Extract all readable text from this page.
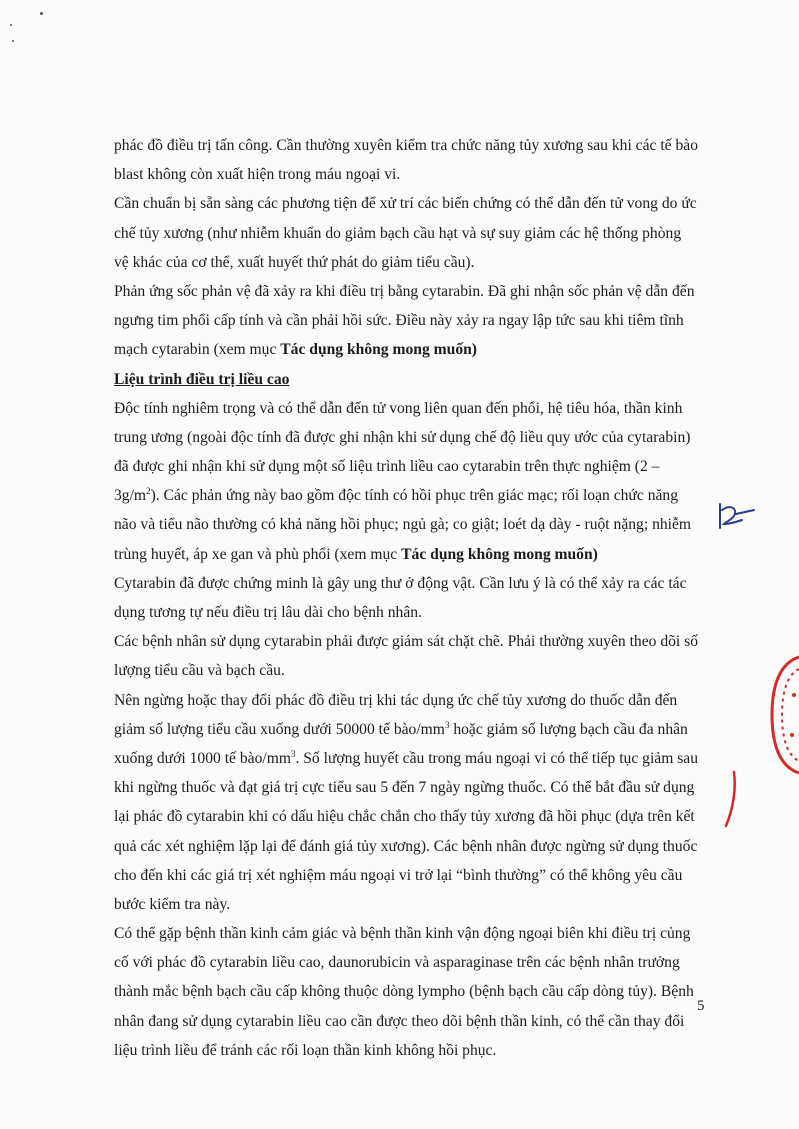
phác đồ điều trị tấn công. Cần thường xuyên kiểm tra chức năng tủy xương sau khi các tế bào
blast không còn xuất hiện trong máu ngoại vi.
Cần chuẩn bị sẵn sàng các phương tiện để xử trí các biến chứng có thể dẫn đến tử vong do ức
chế tủy xương (như nhiễm khuẩn do giảm bạch cầu hạt và sự suy giảm các hệ thống phòng
vệ khác của cơ thể, xuất huyết thứ phát do giảm tiểu cầu).
Phản ứng sốc phản vệ đã xảy ra khi điều trị bằng cytarabin. Đã ghi nhận sốc phản vệ dẫn đến
ngưng tim phổi cấp tính và cần phải hồi sức. Điều này xảy ra ngay lập tức sau khi tiêm tĩnh
mạch cytarabin (xem mục Tác dụng không mong muốn)
Liệu trình điều trị liều cao
Độc tính nghiêm trọng và có thể dẫn đến tử vong liên quan đến phổi, hệ tiêu hóa, thần kinh
trung ương (ngoài độc tính đã được ghi nhận khi sử dụng chế độ liều quy ước của cytarabin)
đã được ghi nhận khi sử dụng một số liệu trình liều cao cytarabin trên thực nghiệm (2 –
$3g/m^2$). Các phản ứng này bao gồm độc tính có hồi phục trên giác mạc; rối loạn chức năng
não và tiểu não thường có khả năng hồi phục; ngủ gà; co giật; loét dạ dày - ruột nặng; nhiễm
trùng huyết, áp xe gan và phù phổi (xem mục Tác dụng không mong muốn)
Cytarabin đã được chứng minh là gây ung thư ở động vật. Cần lưu ý là có thể xảy ra các tác
dụng tương tự nếu điều trị lâu dài cho bệnh nhân.
Các bệnh nhân sử dụng cytarabin phải được giám sát chặt chẽ. Phải thường xuyên theo dõi số
lượng tiểu cầu và bạch cầu.
Nên ngừng hoặc thay đổi phác đồ điều trị khi tác dụng ức chế tủy xương do thuốc dẫn đến
giảm số lượng tiểu cầu xuống dưới 50000 tế bào/$mm^3$ hoặc giảm số lượng bạch cầu đa nhân
xuống dưới 1000 tế bào/$mm^3$. Số lượng huyết cầu trong máu ngoại vi có thể tiếp tục giảm sau
khi ngừng thuốc và đạt giá trị cực tiểu sau 5 đến 7 ngày ngừng thuốc. Có thể bắt đầu sử dụng
lại phác đồ cytarabin khi có dấu hiệu chắc chắn cho thấy tủy xương đã hồi phục (dựa trên kết
quả các xét nghiệm lặp lại để đánh giá tủy xương). Các bệnh nhân được ngừng sử dụng thuốc
cho đến khi các giá trị xét nghiệm máu ngoại vi trở lại “bình thường” có thể không yêu cầu
bước kiểm tra này.
Có thể gặp bệnh thần kinh cảm giác và bệnh thần kinh vận động ngoại biên khi điều trị củng
cố với phác đồ cytarabin liều cao, daunorubicin và asparaginase trên các bệnh nhân trưởng
thành mắc bệnh bạch cầu cấp không thuộc dòng lympho (bệnh bạch cầu cấp dòng tủy). Bệnh
nhân đang sử dụng cytarabin liều cao cần được theo dõi bệnh thần kinh, có thể cần thay đổi
liệu trình liều để tránh các rối loạn thần kinh không hồi phục.
5
